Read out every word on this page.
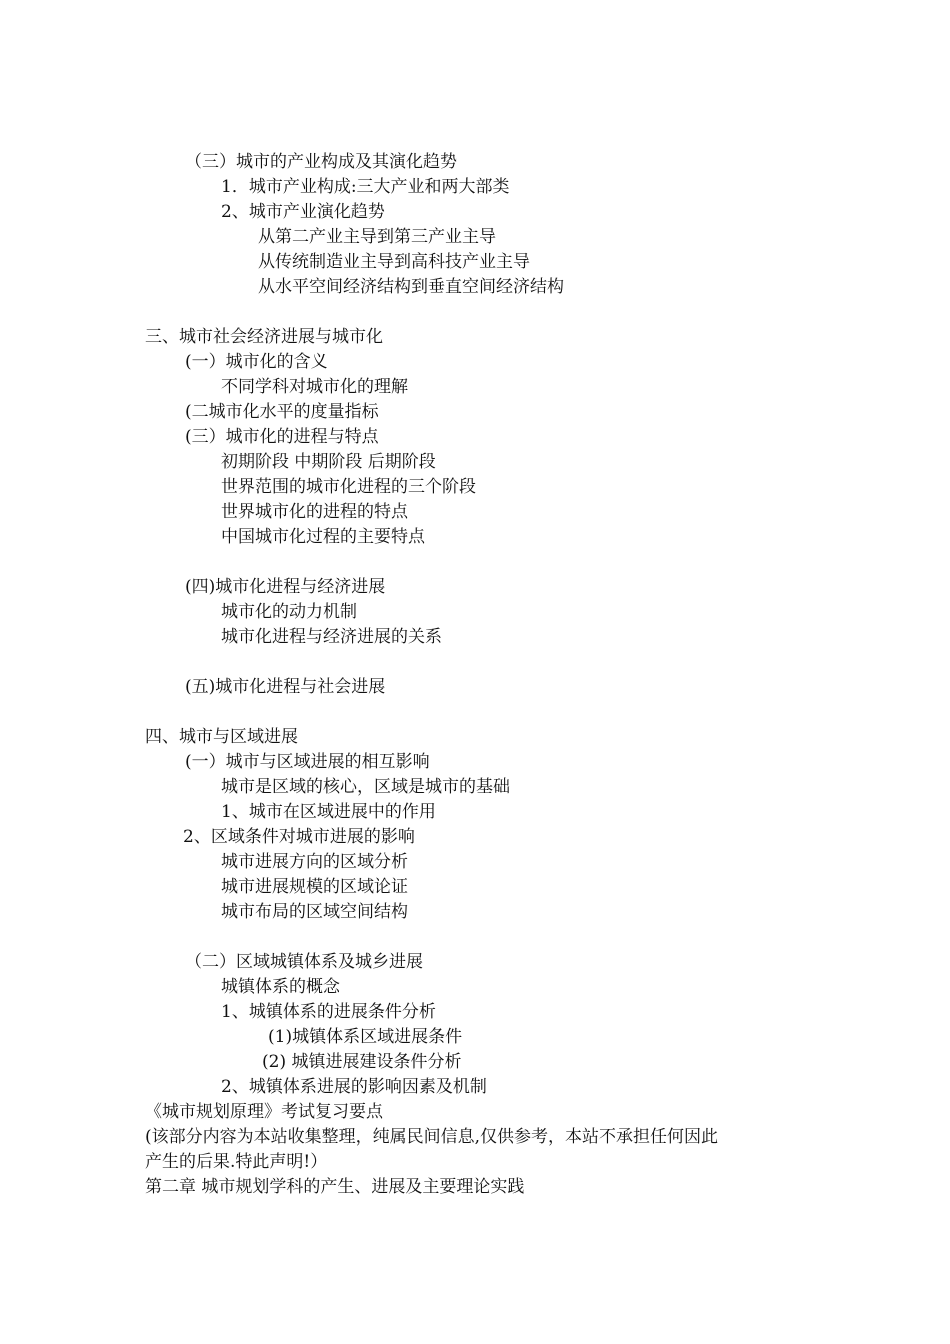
（三）城市的产业构成及其演化趋势
1．城市产业构成:三大产业和两大部类
2、城市产业演化趋势
从第二产业主导到第三产业主导
从传统制造业主导到高科技产业主导
从水平空间经济结构到垂直空间经济结构
三、城市社会经济进展与城市化
(一）城市化的含义
不同学科对城市化的理解
(二城市化水平的度量指标
(三）城市化的进程与特点
初期阶段 中期阶段 后期阶段
世界范围的城市化进程的三个阶段
世界城市化的进程的特点
中国城市化过程的主要特点
(四)城市化进程与经济进展
城市化的动力机制
城市化进程与经济进展的关系
(五)城市化进程与社会进展
四、城市与区域进展
(一）城市与区域进展的相互影响
城市是区域的核心，区域是城市的基础
1、城市在区域进展中的作用
2、区域条件对城市进展的影响
城市进展方向的区域分析
城市进展规模的区域论证
城市布局的区域空间结构
（二）区域城镇体系及城乡进展
城镇体系的概念
1、城镇体系的进展条件分析
(1)城镇体系区域进展条件
(2) 城镇进展建设条件分析
2、城镇体系进展的影响因素及机制
《城市规划原理》考试复习要点
(该部分内容为本站收集整理，纯属民间信息,仅供参考，本站不承担任何因此
产生的后果.特此声明!）
第二章 城市规划学科的产生、进展及主要理论实践
